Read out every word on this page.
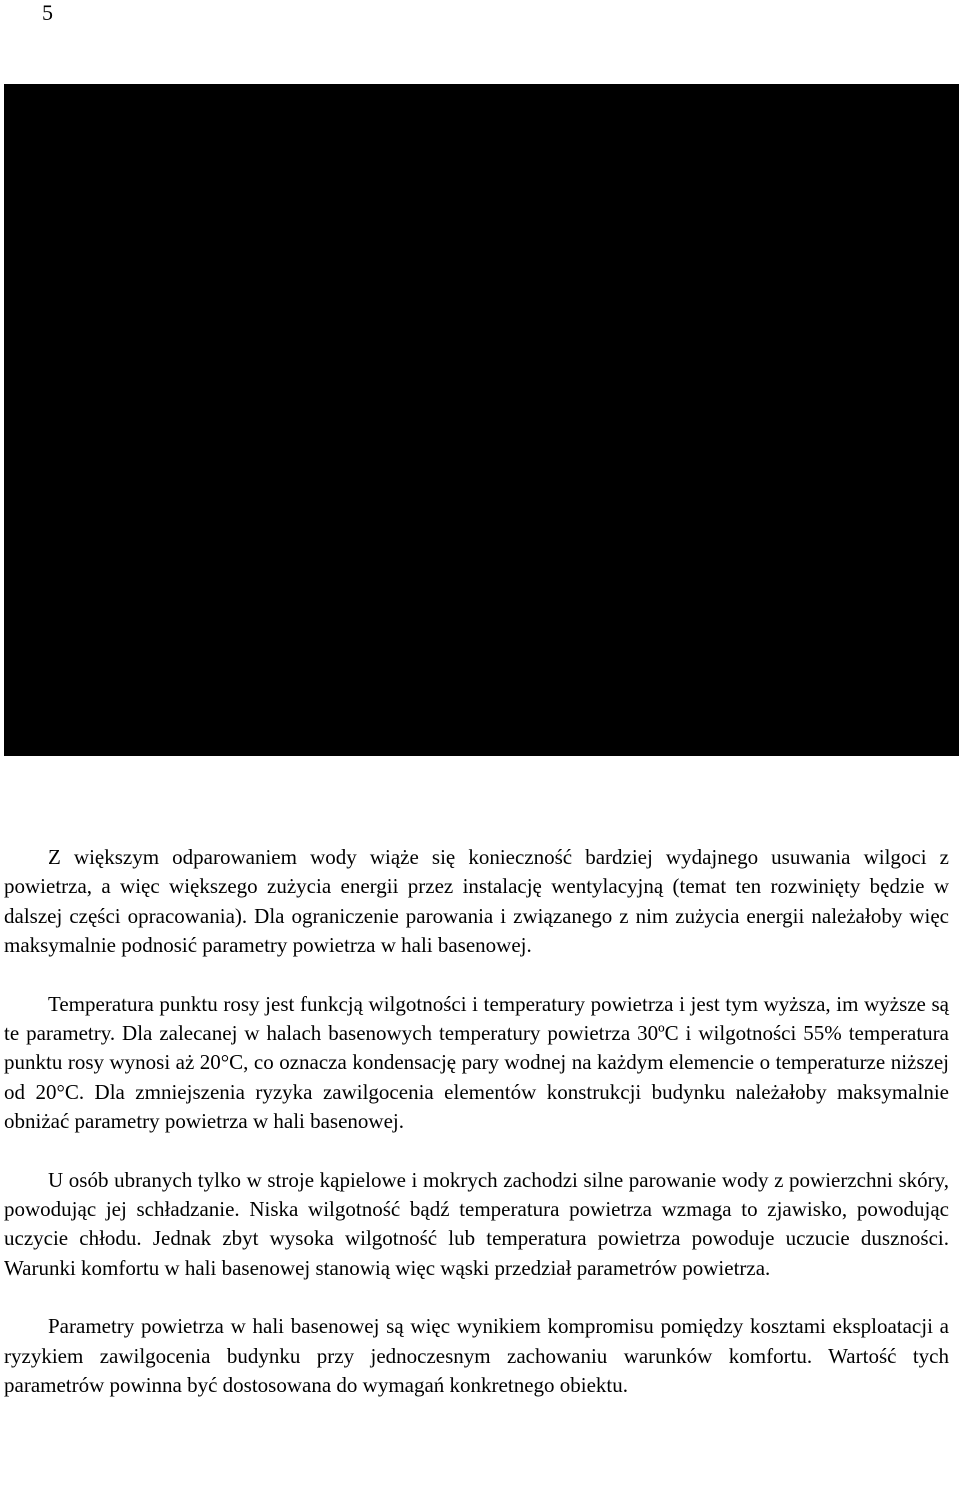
5

Z większym odparowaniem wody wiąże się konieczność bardziej wydajnego usuwania wilgoci z powietrza, a więc większego zużycia energii przez instalację wentylacyjną (temat ten rozwinięty będzie w dalszej części opracowania). Dla ograniczenie parowania i związanego z nim zużycia energii należałoby więc maksymalnie podnosić parametry powietrza w hali basenowej.

Temperatura punktu rosy jest funkcją wilgotności i temperatury powietrza i jest tym wyższa, im wyższe są te parametry. Dla zalecanej w halach basenowych temperatury powietrza 30ºC i wilgotności 55% temperatura punktu rosy wynosi aż 20°C, co oznacza kondensację pary wodnej na każdym elemencie o temperaturze niższej od 20°C. Dla zmniejszenia ryzyka zawilgocenia elementów konstrukcji budynku należałoby maksymalnie obniżać parametry powietrza w hali basenowej.

U osób ubranych tylko w stroje kąpielowe i mokrych zachodzi silne parowanie wody z powierzchni skóry, powodując jej schładzanie. Niska wilgotność bądź temperatura powietrza wzmaga to zjawisko, powodując uczycie chłodu. Jednak zbyt wysoka wilgotność lub temperatura powietrza powoduje uczucie duszności. Warunki komfortu w hali basenowej stanowią więc wąski przedział parametrów powietrza.

Parametry powietrza w hali basenowej są więc wynikiem kompromisu pomiędzy kosztami eksploatacji a ryzykiem zawilgocenia budynku przy jednoczesnym zachowaniu warunków komfortu. Wartość tych parametrów powinna być dostosowana do wymagań konkretnego obiektu.
